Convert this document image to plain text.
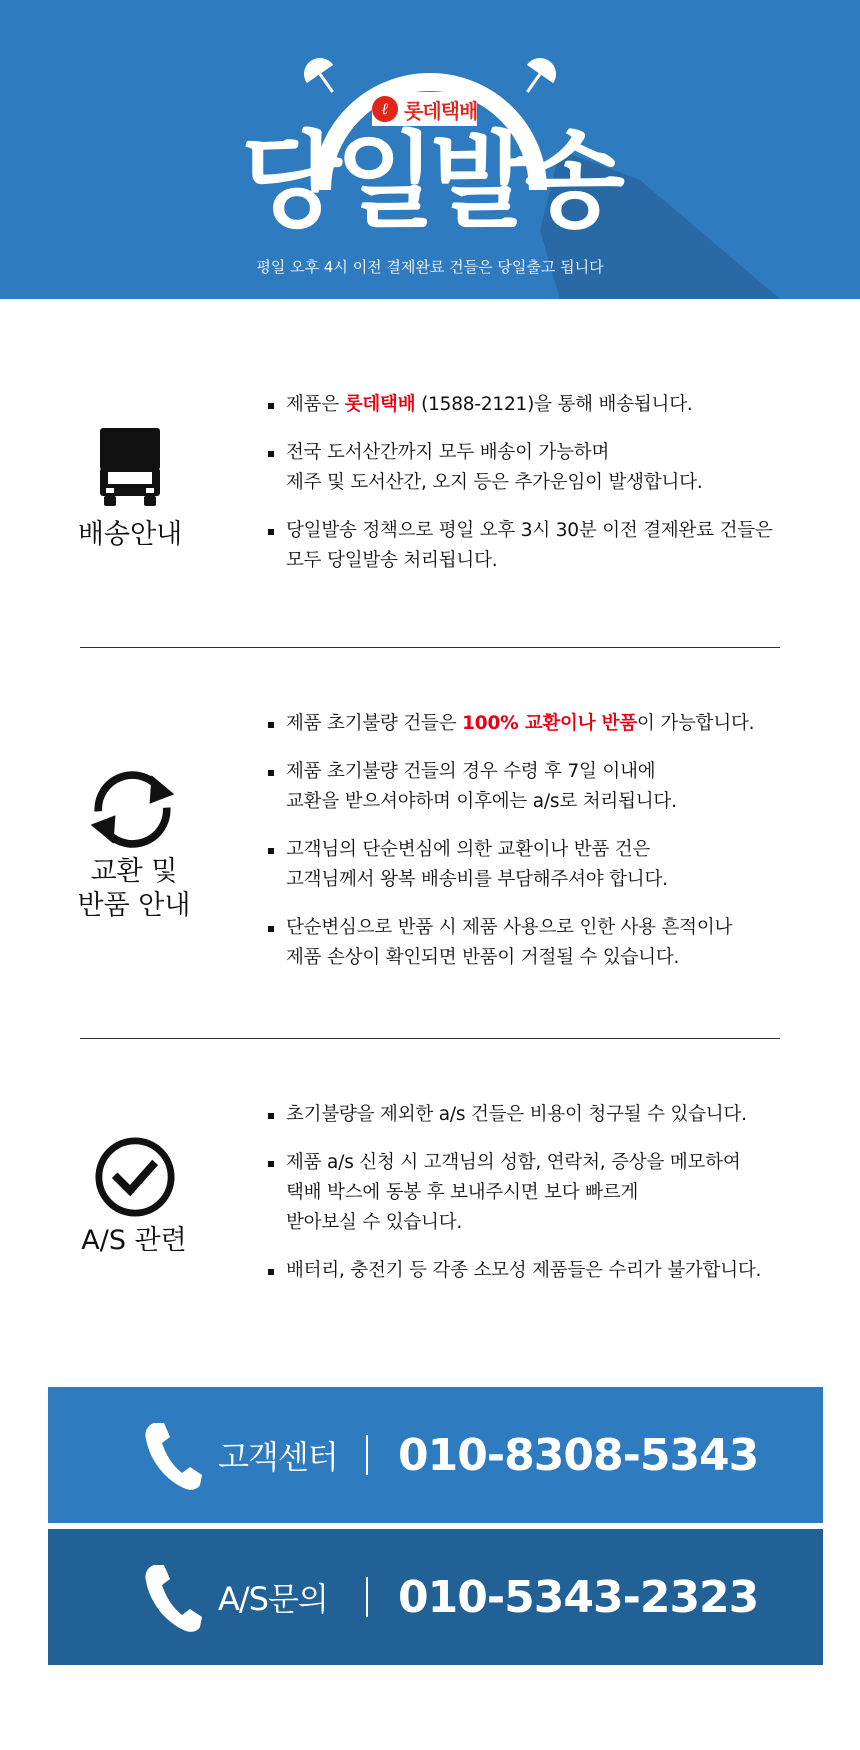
ℓ 롯데택배
당일발송
평일 오후 4시 이전 결제완료 건들은 당일출고 됩니다
배송안내
제품은 롯데택배 (1588-2121)을 통해 배송됩니다.
전국 도서산간까지 모두 배송이 가능하며
제주 및 도서산간, 오지 등은 추가운임이 발생합니다.
당일발송 정책으로 평일 오후 3시 30분 이전 결제완료 건들은
모두 당일발송 처리됩니다.
교환 및
반품 안내
제품 초기불량 건들은 100% 교환이나 반품이 가능합니다.
제품 초기불량 건들의 경우 수령 후 7일 이내에
교환을 받으셔야하며 이후에는 a/s로 처리됩니다.
고객님의 단순변심에 의한 교환이나 반품 건은
고객님께서 왕복 배송비를 부담해주셔야 합니다.
단순변심으로 반품 시 제품 사용으로 인한 사용 흔적이나
제품 손상이 확인되면 반품이 거절될 수 있습니다.
A/S 관련
초기불량을 제외한 a/s 건들은 비용이 청구될 수 있습니다.
제품 a/s 신청 시 고객님의 성함, 연락처, 증상을 메모하여
택배 박스에 동봉 후 보내주시면 보다 빠르게
받아보실 수 있습니다.
배터리, 충전기 등 각종 소모성 제품들은 수리가 불가합니다.
고객센터 010-8308-5343
A/S문의 010-5343-2323
